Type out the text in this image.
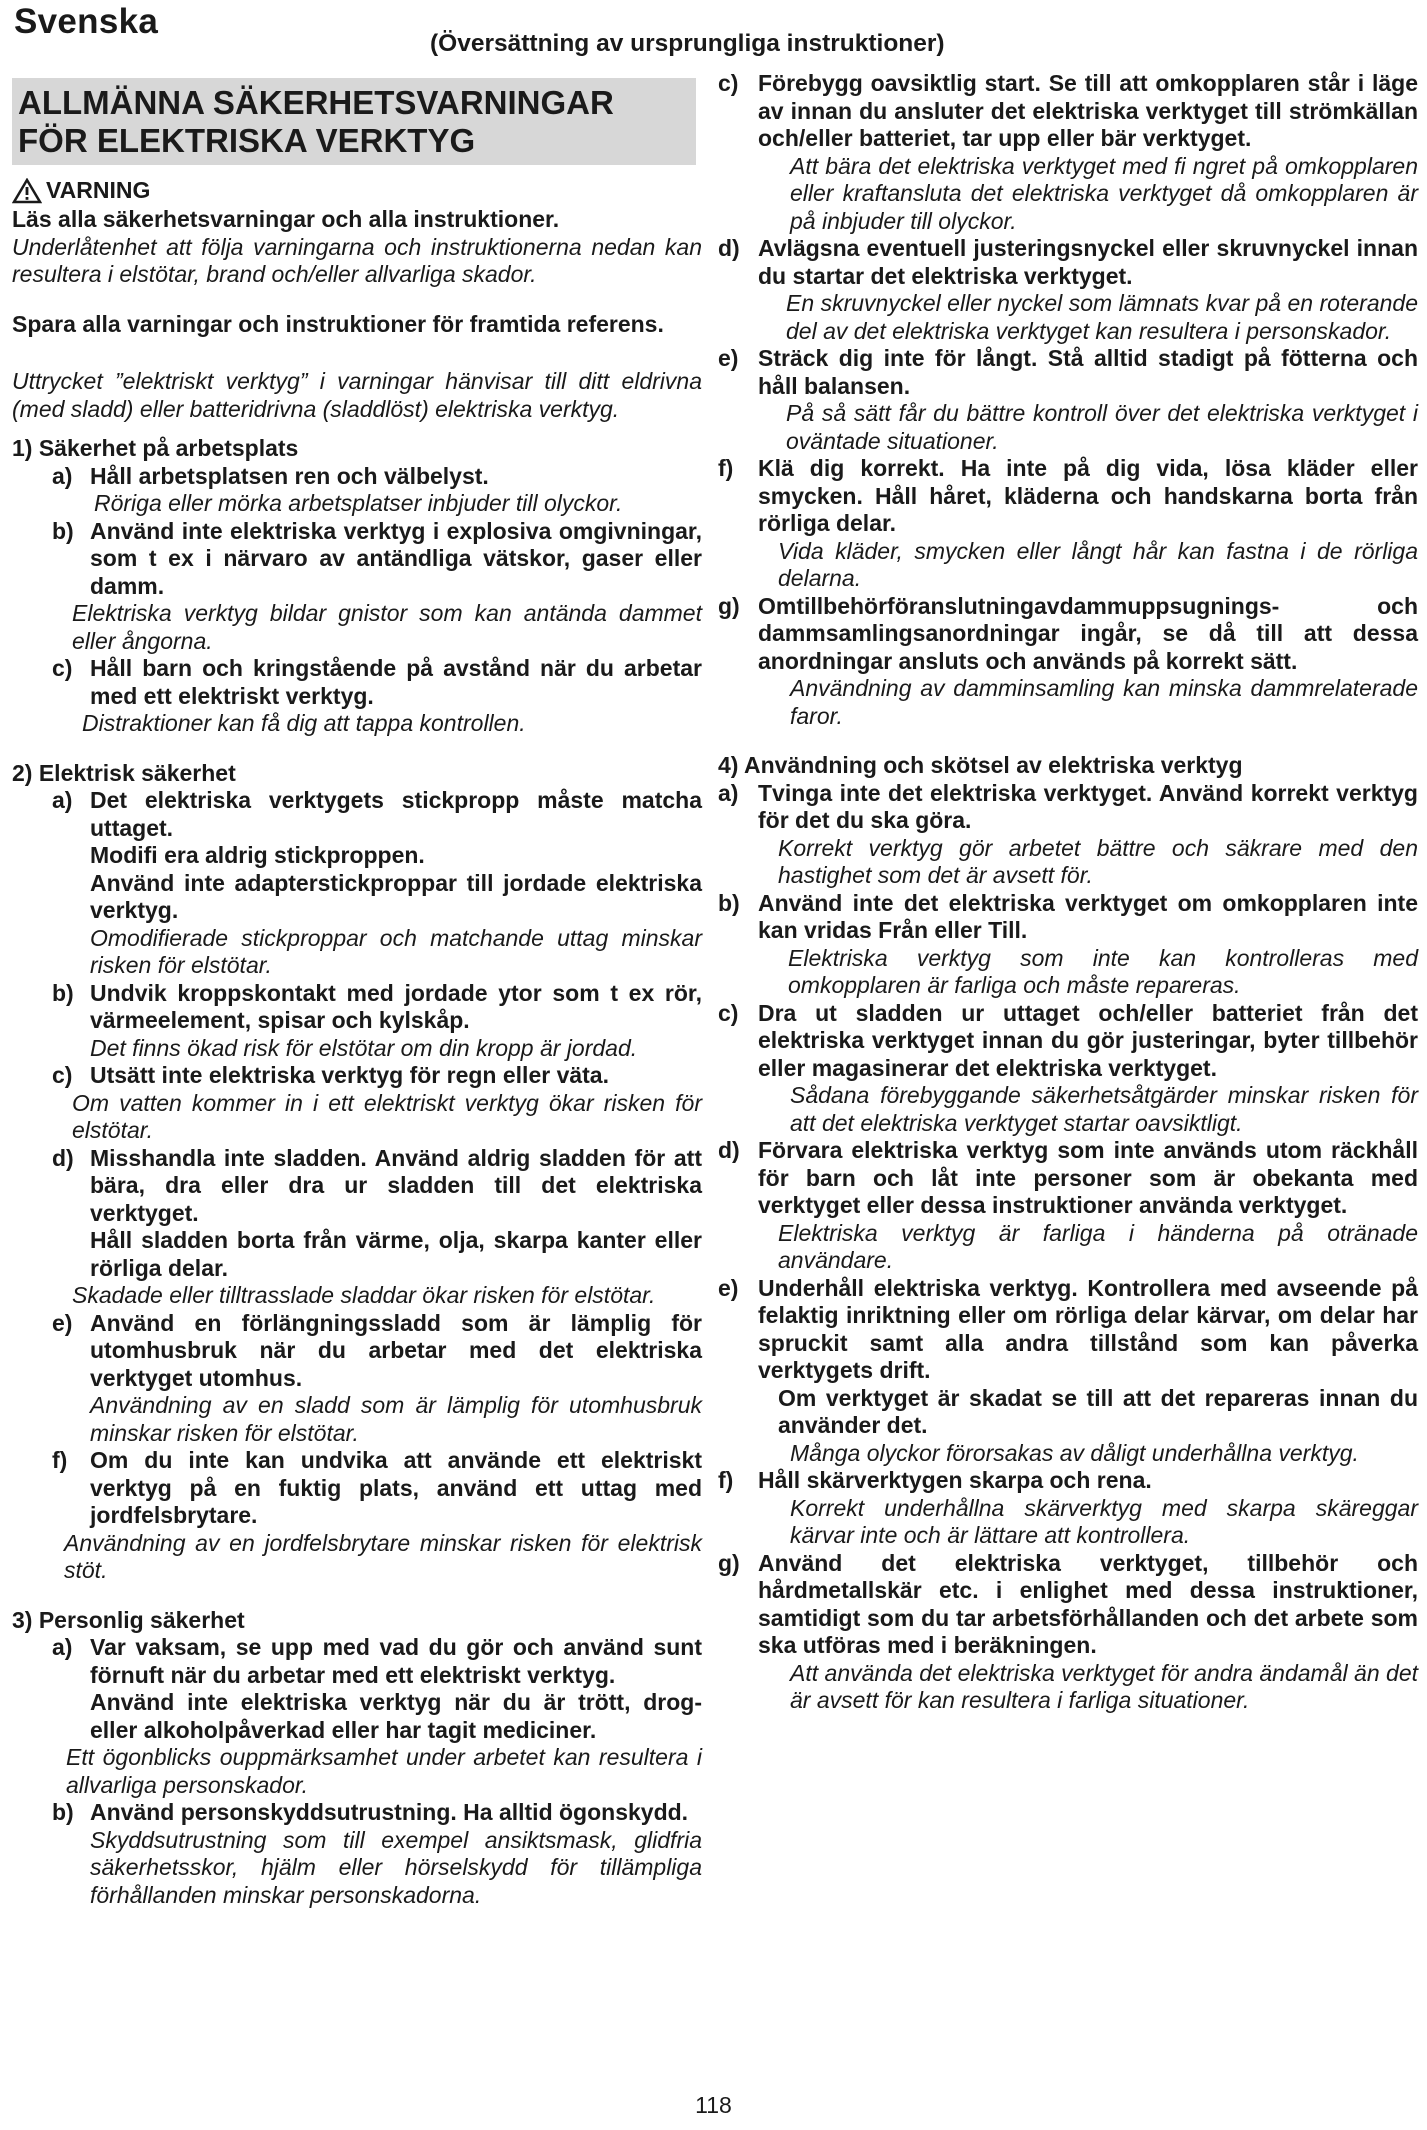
Svenska
(Översättning av ursprungliga instruktioner)
ALLMÄNNA SÄKERHETSVARNINGAR
FÖR ELEKTRISKA VERKTYG
VARNING

Läs alla säkerhetsvarningar och alla instruktioner.

Underlåtenhet att följa varningarna och instruktionerna nedan kan resultera i elstötar, brand och/eller allvarliga skador.

Spara alla varningar och instruktioner för framtida referens.

Uttrycket ”elektriskt verktyg” i varningar hänvisar till ditt eldrivna (med sladd) eller batteridrivna (sladdlöst) elektriska verktyg.

1) Säkerhet på arbetsplats

a) Håll arbetsplatsen ren och välbelyst.

Röriga eller mörka arbetsplatser inbjuder till olyckor.

b) Använd inte elektriska verktyg i explosiva omgivningar, som t ex i närvaro av antändliga vätskor, gaser eller damm.

Elektriska verktyg bildar gnistor som kan antända dammet eller ångorna.

c) Håll barn och kringstående på avstånd när du arbetar med ett elektriskt verktyg.

Distraktioner kan få dig att tappa kontrollen.

2) Elektrisk säkerhet

a) Det elektriska verktygets stickpropp måste matcha uttaget.

Modifi era aldrig stickproppen.

Använd inte adapterstickproppar till jordade elektriska verktyg.

Omodifierade stickproppar och matchande uttag minskar risken för elstötar.

b) Undvik kroppskontakt med jordade ytor som t ex rör, värmeelement, spisar och kylskåp.

Det finns ökad risk för elstötar om din kropp är jordad.

c) Utsätt inte elektriska verktyg för regn eller väta.

Om vatten kommer in i ett elektriskt verktyg ökar risken för elstötar.

d) Misshandla inte sladden. Använd aldrig sladden för att bära, dra eller dra ur sladden till det elektriska verktyget.

Håll sladden borta från värme, olja, skarpa kanter eller rörliga delar.

Skadade eller tilltrasslade sladdar ökar risken för elstötar.

e) Använd en förlängningssladd som är lämplig för utomhusbruk när du arbetar med det elektriska verktyget utomhus.

Användning av en sladd som är lämplig för utomhusbruk minskar risken för elstötar.

f) Om du inte kan undvika att använde ett elektriskt verktyg på en fuktig plats, använd ett uttag med jordfelsbrytare.

Användning av en jordfelsbrytare minskar risken för elektrisk stöt.

3) Personlig säkerhet

a) Var vaksam, se upp med vad du gör och använd sunt förnuft när du arbetar med ett elektriskt verktyg.

Använd inte elektriska verktyg när du är trött, drog- eller alkoholpåverkad eller har tagit mediciner.

Ett ögonblicks ouppmärksamhet under arbetet kan resultera i allvarliga personskador.

b) Använd personskyddsutrustning. Ha alltid ögonskydd.

Skyddsutrustning som till exempel ansiktsmask, glidfria säkerhetsskor, hjälm eller hörselskydd för tillämpliga förhållanden minskar personskadorna.

c) Förebygg oavsiktlig start. Se till att omkopplaren står i läge av innan du ansluter det elektriska verktyget till strömkällan och/eller batteriet, tar upp eller bär verktyget.

Att bära det elektriska verktyget med fi ngret på omkopplaren eller kraftansluta det elektriska verktyget då omkopplaren är på inbjuder till olyckor.

d) Avlägsna eventuell justeringsnyckel eller skruvnyckel innan du startar det elektriska verktyget.

En skruvnyckel eller nyckel som lämnats kvar på en roterande del av det elektriska verktyget kan resultera i personskador.

e) Sträck dig inte för långt. Stå alltid stadigt på fötterna och håll balansen.

På så sätt får du bättre kontroll över det elektriska verktyget i oväntade situationer.

f)	Klä dig korrekt. Ha inte på dig vida, lösa kläder eller smycken. Håll håret, kläderna och handskarna borta från rörliga delar.

Vida kläder, smycken eller långt hår kan fastna i de rörliga delarna.

g) Omtillbehörföranslutningavdammuppsugnings- och dammsamlingsanordningar ingår, se då till att dessa anordningar ansluts och används på korrekt sätt.

Användning av damminsamling kan minska dammrelaterade faror.

4) Användning och skötsel av elektriska verktyg

a) Tvinga inte det elektriska verktyget. Använd korrekt verktyg för det du ska göra.

Korrekt verktyg gör arbetet bättre och säkrare med den hastighet som det är avsett för.

b) Använd inte det elektriska verktyget om omkopplaren inte kan vridas Från eller Till.

Elektriska verktyg som inte kan kontrolleras med omkopplaren är farliga och måste repareras.

c) Dra ut sladden ur uttaget och/eller batteriet från det elektriska verktyget innan du gör justeringar, byter tillbehör eller magasinerar det elektriska verktyget.

Sådana förebyggande säkerhetsåtgärder minskar risken för att det elektriska verktyget startar oavsiktligt.

d) Förvara elektriska verktyg som inte används utom räckhåll för barn och låt inte personer som är obekanta med verktyget eller dessa instruktioner använda verktyget.

Elektriska verktyg är farliga i händerna på otränade användare.

e) Underhåll elektriska verktyg. Kontrollera med avseende på felaktig inriktning eller om rörliga delar kärvar, om delar har spruckit samt alla andra tillstånd som kan påverka verktygets drift.

Om verktyget är skadat se till att det repareras innan du använder det.

Många olyckor förorsakas av dåligt underhållna verktyg.

f)	Håll skärverktygen skarpa och rena.

Korrekt underhållna skärverktyg med skarpa skäreggar kärvar inte och är lättare att kontrollera.

g) Använd det elektriska verktyget, tillbehör och hårdmetallskär etc. i enlighet med dessa instruktioner, samtidigt som du tar arbetsförhållanden och det arbete som ska utföras med i beräkningen.

Att använda det elektriska verktyget för andra ändamål än det är avsett för kan resultera i farliga situationer.

118
